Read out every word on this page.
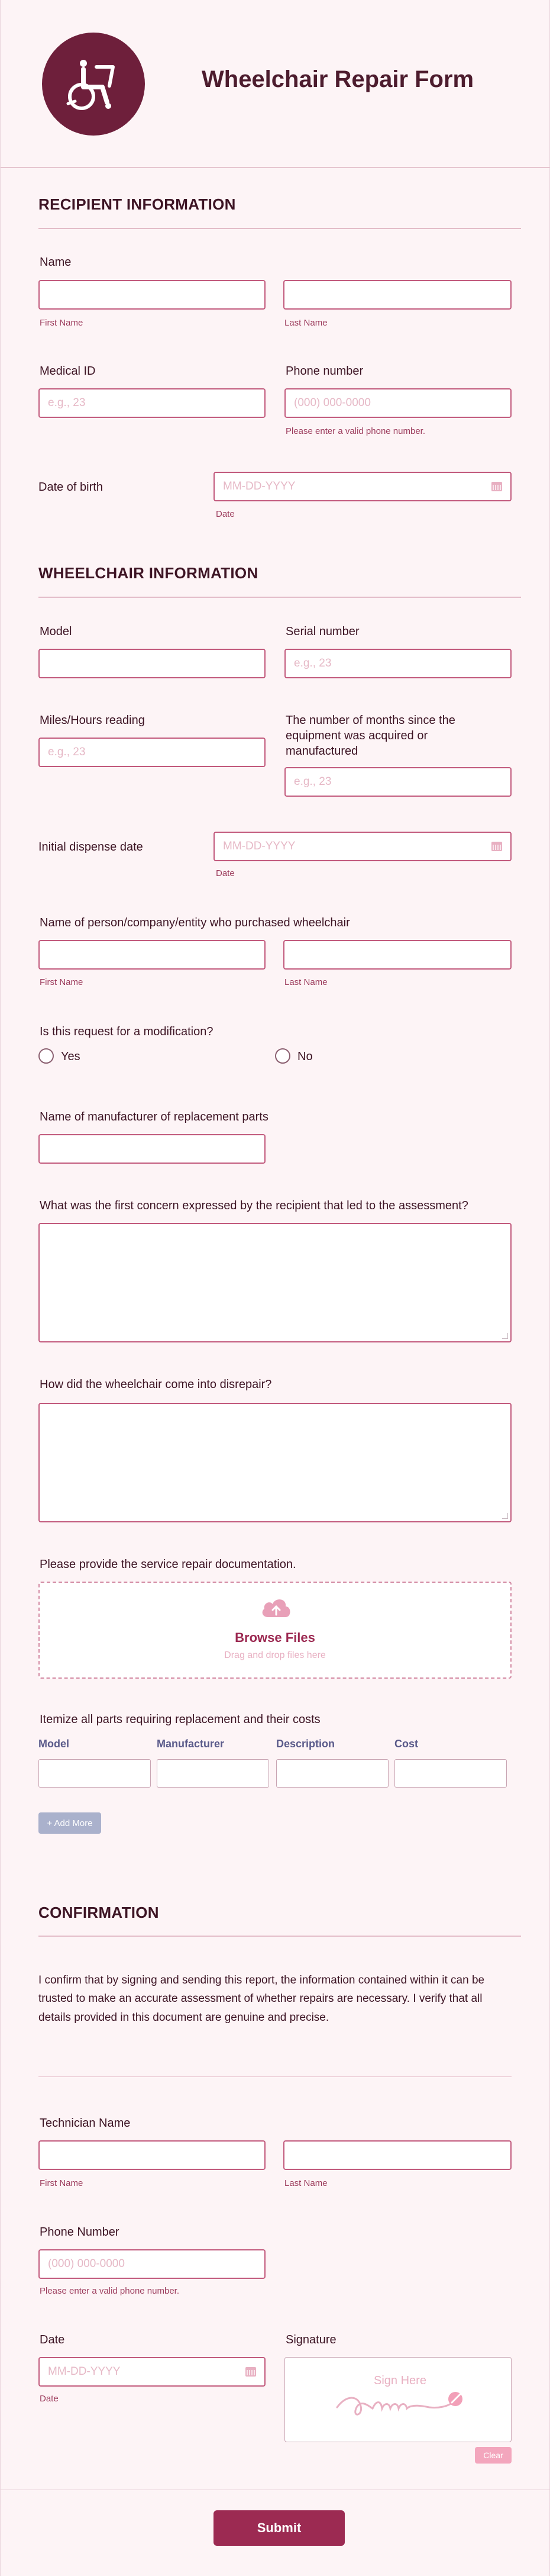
Wheelchair Repair Form
RECIPIENT INFORMATION
Name
First Name	Last Name
Medical ID
e.g., 23
Phone number
(000) 000-0000
Please enter a valid phone number.
Date of birth	MM-DD-YYYY
Date
WHEELCHAIR INFORMATION
Model	Serial number
e.g., 23
Miles/Hours reading
e.g., 23
The number of months since the equipment was acquired or manufactured
e.g., 23
Initial dispense date	MM-DD-YYYY
Date
Name of person/company/entity who purchased wheelchair
First Name	Last Name
Is this request for a modification?
Yes	No
Name of manufacturer of replacement parts
What was the first concern expressed by the recipient that led to the assessment?
How did the wheelchair come into disrepair?
Please provide the service repair documentation.
Browse Files
Drag and drop files here
Itemize all parts requiring replacement and their costs
Model	Manufacturer	Description	Cost
+ Add More
CONFIRMATION
I confirm that by signing and sending this report, the information contained within it can be trusted to make an accurate assessment of whether repairs are necessary. I verify that all details provided in this document are genuine and precise.
Technician Name
First Name	Last Name
Phone Number
(000) 000-0000
Please enter a valid phone number.
Date
MM-DD-YYYY
Date
Signature
Sign Here
Clear
Submit
